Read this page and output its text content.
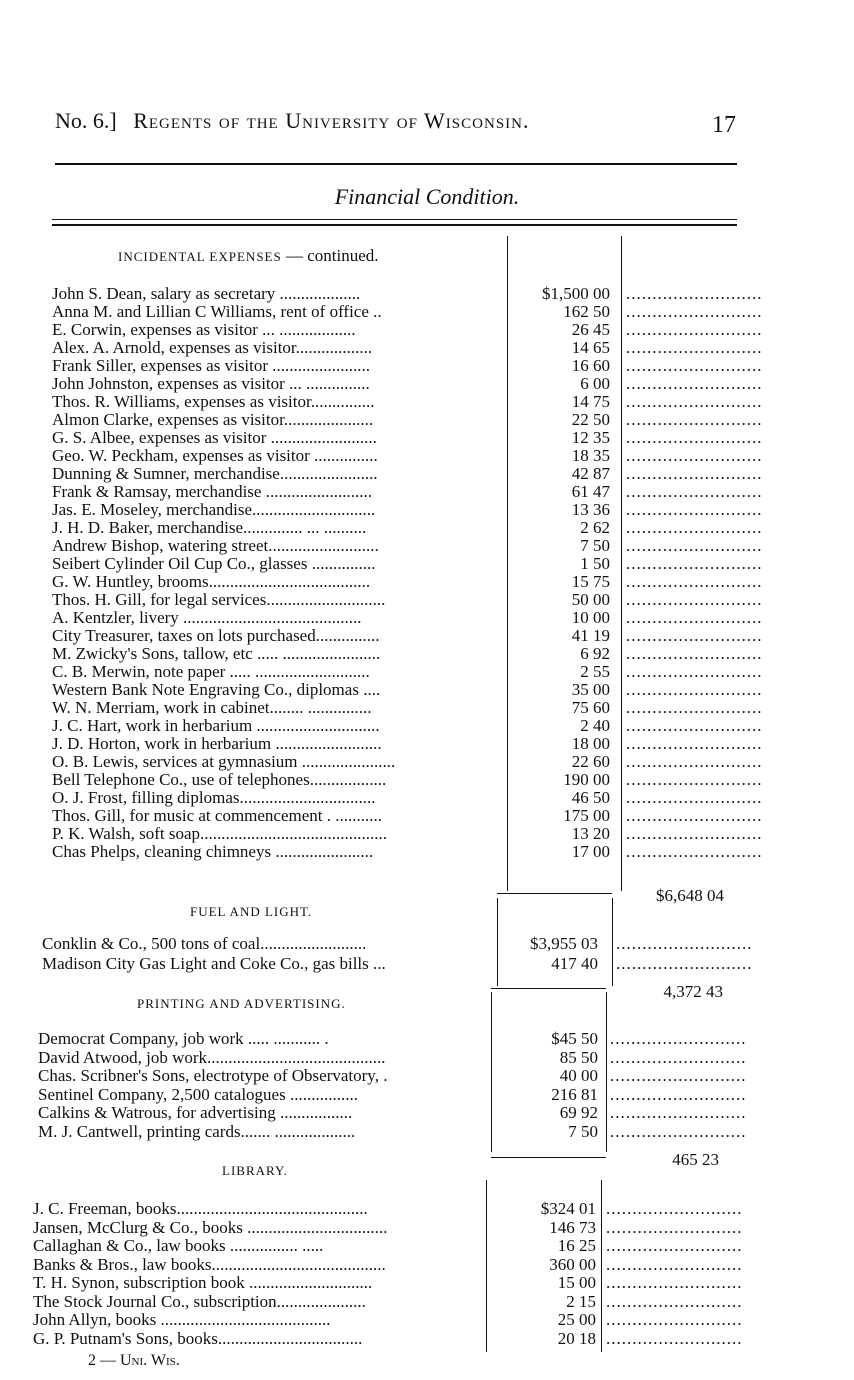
No. 6.] Regents of the University of Wisconsin.	17
Financial Condition.
INCIDENTAL EXPENSES — continued.
John S. Dean, salary as secretary ...................	$1,500 00 ..........................
Anna M. and Lillian C Williams, rent of office ..	162 50 ..........................
E. Corwin, expenses as visitor ... ..................	26 45 ..........................
Alex. A. Arnold, expenses as visitor..................	14 65 ..........................
Frank Siller, expenses as visitor .......................	16 60 ..........................
John Johnston, expenses as visitor ... ...............	6 00 ..........................
Thos. R. Williams, expenses as visitor...............	14 75 ..........................
Almon Clarke, expenses as visitor.....................	22 50 ..........................
G. S. Albee, expenses as visitor .........................	12 35 ..........................
Geo. W. Peckham, expenses as visitor ...............	18 35 ..........................
Dunning & Sumner, merchandise.......................	42 87 ..........................
Frank & Ramsay, merchandise .........................	61 47 ..........................
Jas. E. Moseley, merchandise.............................	13 36 ..........................
J. H. D. Baker, merchandise.............. ... ..........	2 62 ..........................
Andrew Bishop, watering street..........................	7 50 ..........................
Seibert Cylinder Oil Cup Co., glasses ...............	1 50 ..........................
G. W. Huntley, brooms......................................	15 75 ..........................
Thos. H. Gill, for legal services............................	50 00 ..........................
A. Kentzler, livery ..........................................	10 00 ..........................
City Treasurer, taxes on lots purchased...............	41 19 ..........................
M. Zwicky's Sons, tallow, etc ..... .......................	6 92 ..........................
C. B. Merwin, note paper ..... ...........................	2 55 ..........................
Western Bank Note Engraving Co., diplomas ....	35 00 ..........................
W. N. Merriam, work in cabinet........ ...............	75 60 ..........................
J. C. Hart, work in herbarium .............................	2 40 ..........................
J. D. Horton, work in herbarium .........................	18 00 ..........................
O. B. Lewis, services at gymnasium ......................	22 60 ..........................
Bell Telephone Co., use of telephones..................	190 00 ..........................
O. J. Frost, filling diplomas................................	46 50 ..........................
Thos. Gill, for music at commencement . ...........	175 00 ..........................
P. K. Walsh, soft soap............................................	13 20 ..........................
Chas Phelps, cleaning chimneys .......................	17 00 ..........................
$6,648 04
FUEL AND LIGHT.
Conklin & Co., 500 tons of coal.........................	$3,955 03 ..........................
Madison City Gas Light and Coke Co., gas bills ...	417 40 ..........................
4,372 43
PRINTING AND ADVERTISING.
Democrat Company, job work ..... ........... .	$45 50 ..........................
David Atwood, job work..........................................	85 50 ..........................
Chas. Scribner's Sons, electrotype of Observatory, .	40 00 ..........................
Sentinel Company, 2,500 catalogues ................	216 81 ..........................
Calkins & Watrous, for advertising .................	69 92 ..........................
M. J. Cantwell, printing cards....... ...................	7 50 ..........................
465 23
LIBRARY.
J. C. Freeman, books.............................................	$324 01 ..........................
Jansen, McClurg & Co., books .................................	146 73 ..........................
Callaghan & Co., law books ................ .....	16 25 ..........................
Banks & Bros., law books.........................................	360 00 ..........................
T. H. Synon, subscription book .............................	15 00 ..........................
The Stock Journal Co., subscription.....................	2 15 ..........................
John Allyn, books ........................................	25 00 ..........................
G. P. Putnam's Sons, books..................................	20 18 ..........................
2 — Uni. Wis.
